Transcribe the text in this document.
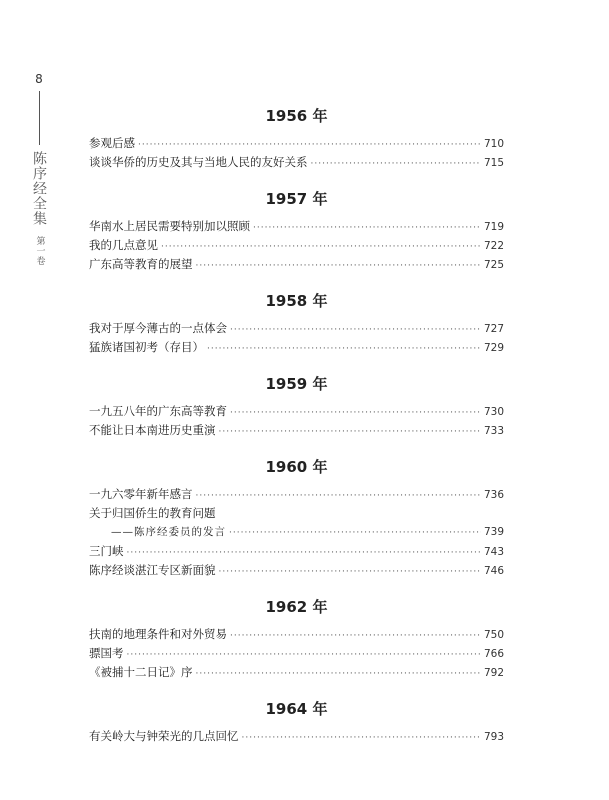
8
陈序经全集
第一卷
1956 年
参观后感 ·····	710
谈谈华侨的历史及其与当地人民的友好关系 ·····	715
1957 年
华南水上居民需要特别加以照顾 ·····	719
我的几点意见 ·····	722
广东高等教育的展望 ·····	725
1958 年
我对于厚今薄古的一点体会 ·····	727
猛族诸国初考（存目） ·····	729
1959 年
一九五八年的广东高等教育 ·····	730
不能让日本南进历史重演 ·····	733
1960 年
一九六零年新年感言 ·····	736
关于归国侨生的教育问题
——陈序经委员的发言 ·····	739
三门峡 ·····	743
陈序经谈湛江专区新面貌 ·····	746
1962 年
扶南的地理条件和对外贸易 ·····	750
骠国考 ·····	766
《被捕十二日记》序 ·····	792
1964 年
有关岭大与钟荣光的几点回忆 ·····	793
